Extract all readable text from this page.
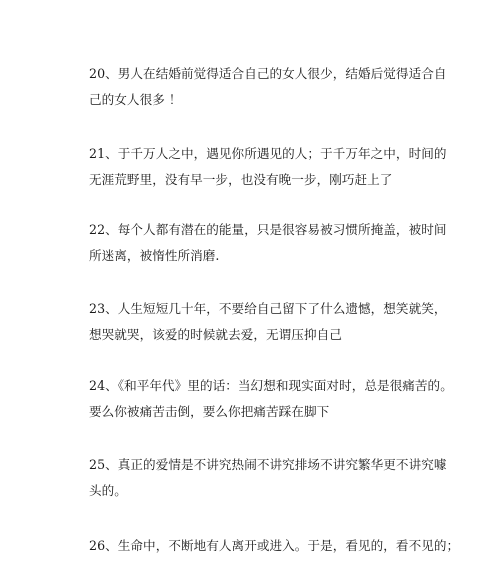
20、男人在结婚前觉得适合自己的女人很少，结婚后觉得适合自
己的女人很多 ！
21、于千万人之中，遇见你所遇见的人；于千万年之中，时间的
无涯荒野里，没有早一步，也没有晚一步，刚巧赶上了
22、每个人都有潜在的能量，只是很容易被习惯所掩盖，被时间
所迷离，被惰性所消磨.
23、人生短短几十年，不要给自己留下了什么遗憾，想笑就笑，
想哭就哭，该爱的时候就去爱，无谓压抑自己
24、《和平年代》里的话：当幻想和现实面对时，总是很痛苦的。
要么你被痛苦击倒，要么你把痛苦踩在脚下
25、真正的爱情是不讲究热闹不讲究排场不讲究繁华更不讲究噱
头的。
26、生命中，不断地有人离开或进入。于是，看见的，看不见的；
